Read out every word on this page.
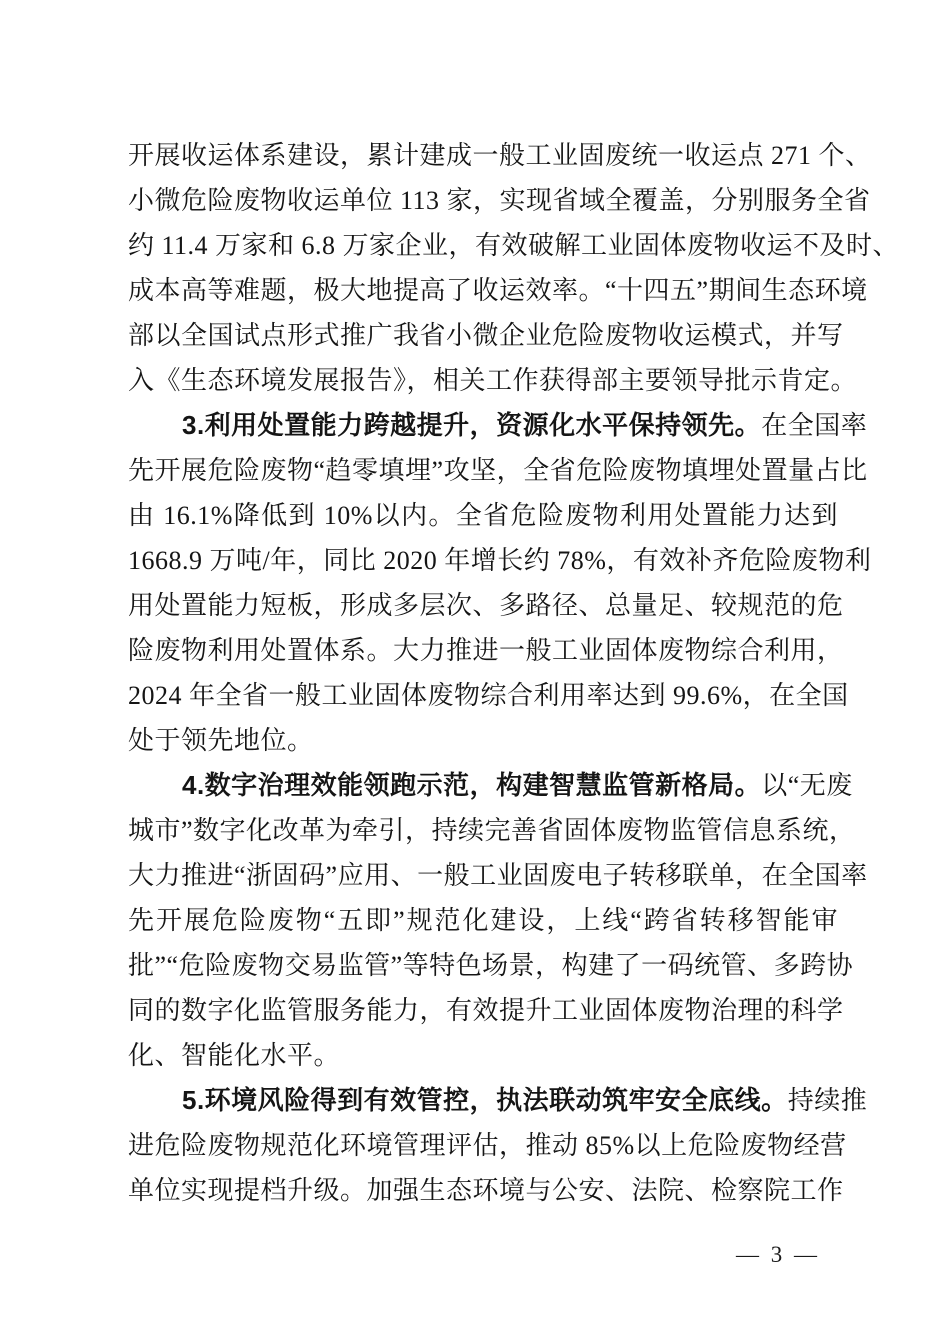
开展收运体系建设，累计建成一般工业固废统一收运点 271 个、
小微危险废物收运单位 113 家，实现省域全覆盖，分别服务全省
约 11.4 万家和 6.8 万家企业，有效破解工业固体废物收运不及时、
成本高等难题，极大地提高了收运效率。“十四五”期间生态环境
部以全国试点形式推广我省小微企业危险废物收运模式，并写
入《生态环境发展报告》，相关工作获得部主要领导批示肯定。
3.利用处置能力跨越提升，资源化水平保持领先。在全国率
先开展危险废物“趋零填埋”攻坚，全省危险废物填埋处置量占比
由 16.1%降低到 10%以内。全省危险废物利用处置能力达到
1668.9 万吨/年，同比 2020 年增长约 78%，有效补齐危险废物利
用处置能力短板，形成多层次、多路径、总量足、较规范的危
险废物利用处置体系。大力推进一般工业固体废物综合利用，
2024 年全省一般工业固体废物综合利用率达到 99.6%，在全国
处于领先地位。
4.数字治理效能领跑示范，构建智慧监管新格局。以“无废
城市”数字化改革为牵引，持续完善省固体废物监管信息系统，
大力推进“浙固码”应用、一般工业固废电子转移联单，在全国率
先开展危险废物“五即”规范化建设，上线“跨省转移智能审
批”“危险废物交易监管”等特色场景，构建了一码统管、多跨协
同的数字化监管服务能力，有效提升工业固体废物治理的科学
化、智能化水平。
5.环境风险得到有效管控，执法联动筑牢安全底线。持续推
进危险废物规范化环境管理评估，推动 85%以上危险废物经营
单位实现提档升级。加强生态环境与公安、法院、检察院工作
— 3 —
